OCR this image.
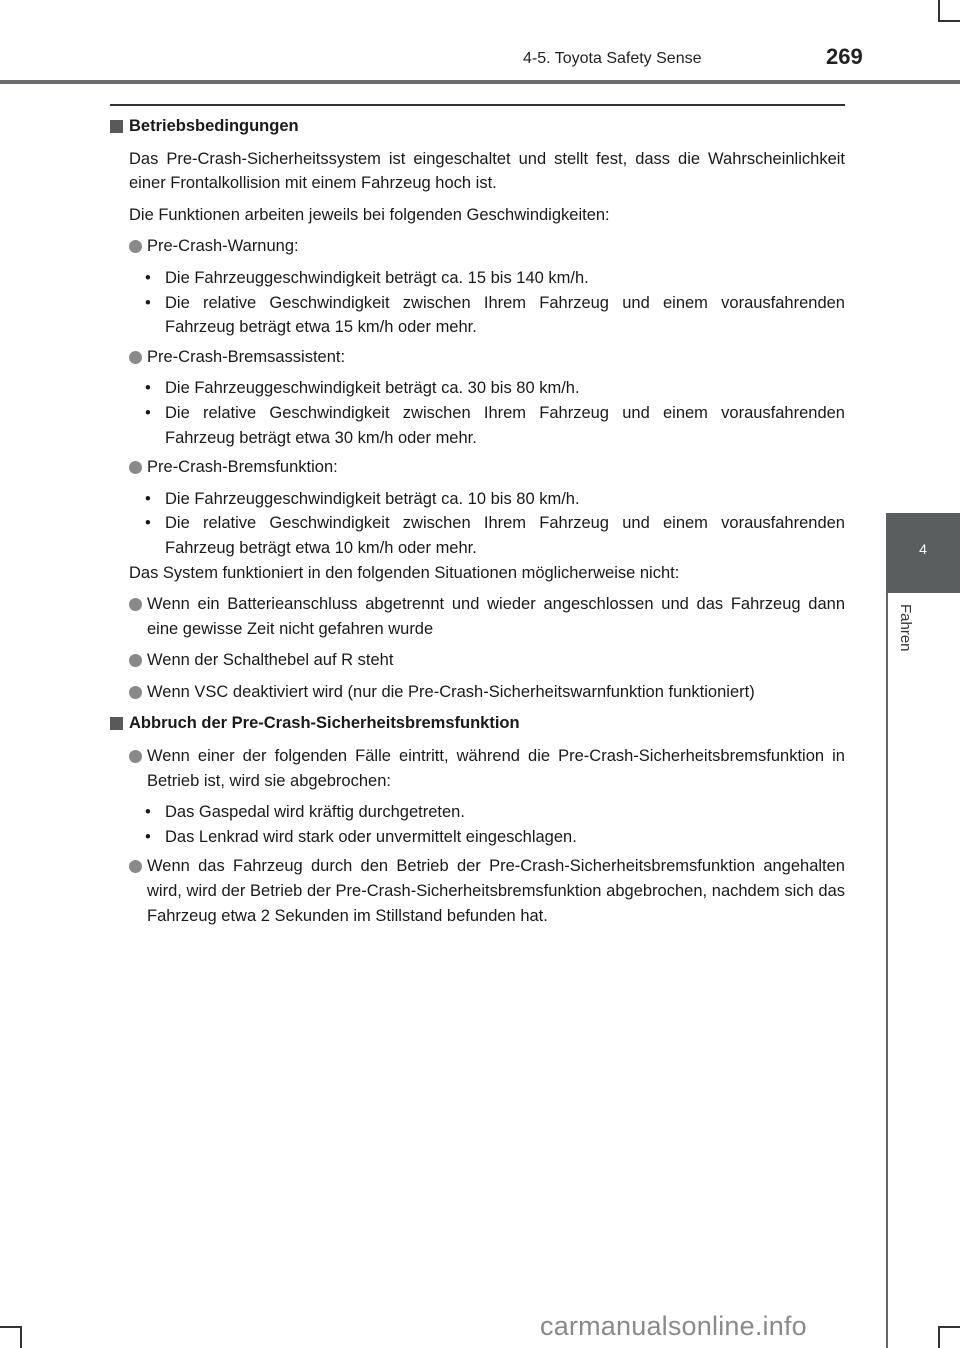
4-5. Toyota Safety Sense	269
4
Fahren
Betriebsbedingungen

Das Pre-Crash-Sicherheitssystem ist eingeschaltet und stellt fest, dass die Wahrscheinlichkeit einer Frontalkollision mit einem Fahrzeug hoch ist.

Die Funktionen arbeiten jeweils bei folgenden Geschwindigkeiten:

Pre-Crash-Warnung:
• Die Fahrzeuggeschwindigkeit beträgt ca. 15 bis 140 km/h.
• Die relative Geschwindigkeit zwischen Ihrem Fahrzeug und einem vorausfahrenden Fahrzeug beträgt etwa 15 km/h oder mehr.
Pre-Crash-Bremsassistent:
• Die Fahrzeuggeschwindigkeit beträgt ca. 30 bis 80 km/h.
• Die relative Geschwindigkeit zwischen Ihrem Fahrzeug und einem vorausfahrenden Fahrzeug beträgt etwa 30 km/h oder mehr.
Pre-Crash-Bremsfunktion:
• Die Fahrzeuggeschwindigkeit beträgt ca. 10 bis 80 km/h.
• Die relative Geschwindigkeit zwischen Ihrem Fahrzeug und einem vorausfahrenden Fahrzeug beträgt etwa 10 km/h oder mehr.

Das System funktioniert in den folgenden Situationen möglicherweise nicht:

Wenn ein Batterieanschluss abgetrennt und wieder angeschlossen und das Fahrzeug dann eine gewisse Zeit nicht gefahren wurde
Wenn der Schalthebel auf R steht
Wenn VSC deaktiviert wird (nur die Pre-Crash-Sicherheitswarnfunktion funktioniert)
Abbruch der Pre-Crash-Sicherheitsbremsfunktion
Wenn einer der folgenden Fälle eintritt, während die Pre-Crash-Sicherheitsbremsfunktion in Betrieb ist, wird sie abgebrochen:
• Das Gaspedal wird kräftig durchgetreten.
• Das Lenkrad wird stark oder unvermittelt eingeschlagen.
Wenn das Fahrzeug durch den Betrieb der Pre-Crash-Sicherheitsbremsfunktion angehalten wird, wird der Betrieb der Pre-Crash-Sicherheitsbremsfunktion abgebrochen, nachdem sich das Fahrzeug etwa 2 Sekunden im Stillstand befunden hat.
carmanualsonline.info
